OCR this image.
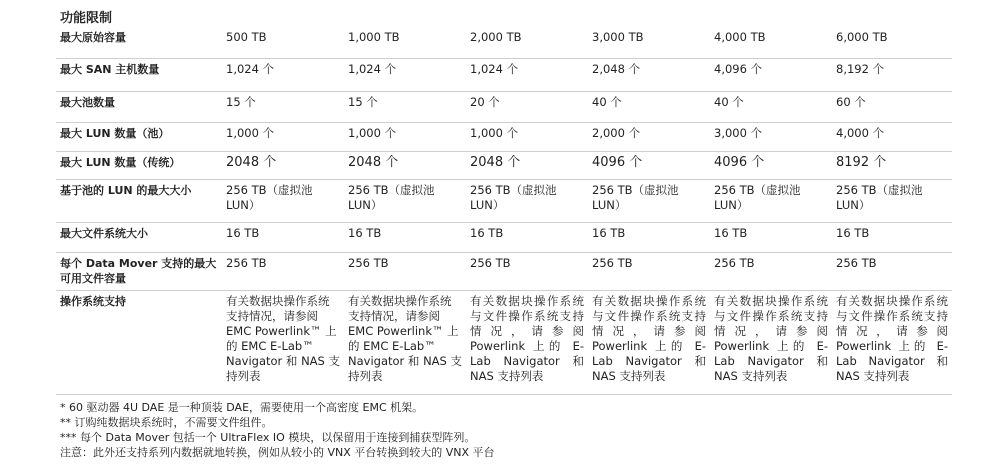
功能限制
最大原始容量	500 TB	1,000 TB	2,000 TB	3,000 TB	4,000 TB	6,000 TB
最大 SAN 主机数量	1,024 个	1,024 个	1,024 个	2,048 个	4,096 个	8,192 个
最大池数量	15 个	15 个	20 个	40 个	40 个	60 个
最大 LUN 数量（池）	1,000 个	1,000 个	1,000 个	2,000 个	3,000 个	4,000 个
最大 LUN 数量（传统）	2048 个	2048 个	2048 个	4096 个	4096 个	8192 个
基于池的 LUN 的最大大小	256 TB（虚拟池 LUN）	256 TB（虚拟池 LUN）	256 TB（虚拟池 LUN）	256 TB（虚拟池 LUN）	256 TB（虚拟池 LUN）	256 TB（虚拟池 LUN）
最大文件系统大小	16 TB	16 TB	16 TB	16 TB	16 TB	16 TB
每个 Data Mover 支持的最大可用文件容量	256 TB	256 TB	256 TB	256 TB	256 TB	256 TB
操作系统支持	有关数据块操作系统支持情况，请参阅 EMC Powerlink™ 上的 EMC E-Lab™ Navigator 和 NAS 支持列表	有关数据块操作系统支持情况，请参阅 EMC Powerlink™ 上的 EMC E-Lab™ Navigator 和 NAS 支持列表	有关数据块操作系统与文件操作系统支持情况，请参阅 Powerlink 上的 E-Lab Navigator 和 NAS 支持列表	有关数据块操作系统与文件操作系统支持情况，请参阅 Powerlink 上的 E-Lab Navigator 和 NAS 支持列表	有关数据块操作系统与文件操作系统支持情况，请参阅 Powerlink 上的 E-Lab Navigator 和 NAS 支持列表	有关数据块操作系统与文件操作系统支持情况，请参阅 Powerlink 上的 E-Lab Navigator 和 NAS 支持列表
* 60 驱动器 4U DAE 是一种顶装 DAE，需要使用一个高密度 EMC 机架。
** 订购纯数据块系统时，不需要文件组件。
*** 每个 Data Mover 包括一个 UltraFlex IO 模块，以保留用于连接到捕获型阵列。
注意：此外还支持系列内数据就地转换，例如从较小的 VNX 平台转换到较大的 VNX 平台
